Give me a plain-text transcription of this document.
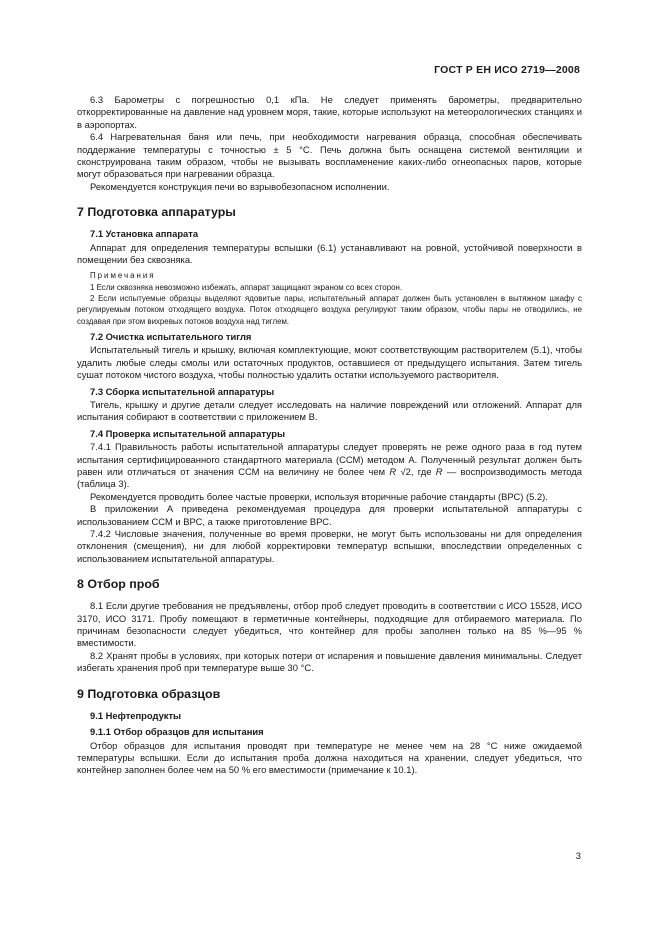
ГОСТ Р ЕН ИСО 2719—2008

6.3 Барометры с погрешностью 0,1 кПа. Не следует применять барометры, предварительно откорректированные на давление над уровнем моря, такие, которые используют на метеорологических станциях и в аэропортах.

6.4 Нагревательная баня или печь, при необходимости нагревания образца, способная обеспечивать поддержание температуры с точностью ± 5 °С. Печь должна быть оснащена системой вентиляции и сконструирована таким образом, чтобы не вызывать воспламенение каких-либо огнеопасных паров, которые могут образоваться при нагревании образца.

Рекомендуется конструкция печи во взрывобезопасном исполнении.

7 Подготовка аппаратуры
7.1 Установка аппарата

Аппарат для определения температуры вспышки (6.1) устанавливают на ровной, устойчивой поверхности в помещении без сквозняка.

Примечания

1 Если сквозняка невозможно избежать, аппарат защищают экраном со всех сторон.

2 Если испытуемые образцы выделяют ядовитые пары, испытательный аппарат должен быть установлен в вытяжном шкафу с регулируемым потоком отходящего воздуха. Поток отходящего воздуха регулируют таким образом, чтобы пары не отводились, не создавая при этом вихревых потоков воздуха над тиглем.

7.2 Очистка испытательного тигля

Испытательный тигель и крышку, включая комплектующие, моют соответствующим растворителем (5.1), чтобы удалить любые следы смолы или остаточных продуктов, оставшиеся от предыдущего испытания. Затем тигель сушат потоком чистого воздуха, чтобы полностью удалить остатки используемого растворителя.

7.3 Сборка испытательной аппаратуры

Тигель, крышку и другие детали следует исследовать на наличие повреждений или отложений. Аппарат для испытания собирают в соответствии с приложением В.

7.4 Проверка испытательной аппаратуры

7.4.1 Правильность работы испытательной аппаратуры следует проверять не реже одного раза в год путем испытания сертифицированного стандартного материала (ССМ) методом А. Полученный результат должен быть равен или отличаться от значения ССМ на величину не более чем R √2, где R — воспроизводимость метода (таблица 3).

Рекомендуется проводить более частые проверки, используя вторичные рабочие стандарты (ВРС) (5.2).

В приложении А приведена рекомендуемая процедура для проверки испытательной аппаратуры с использованием ССМ и ВРС, а также приготовление ВРС.

7.4.2 Числовые значения, полученные во время проверки, не могут быть использованы ни для определения отклонения (смещения), ни для любой корректировки температур вспышки, впоследствии определенных с использованием испытательной аппаратуры.

8 Отбор проб

8.1 Если другие требования не предъявлены, отбор проб следует проводить в соответствии с ИСО 15528, ИСО 3170, ИСО 3171. Пробу помещают в герметичные контейнеры, подходящие для отбираемого материала. По причинам безопасности следует убедиться, что контейнер для пробы заполнен только на 85 %—95 % вместимости.

8.2 Хранят пробы в условиях, при которых потери от испарения и повышение давления минимальны. Следует избегать хранения проб при температуре выше 30 °С.

9 Подготовка образцов
9.1 Нефтепродукты
9.1.1 Отбор образцов для испытания

Отбор образцов для испытания проводят при температуре не менее чем на 28 °С ниже ожидаемой температуры вспышки. Если до испытания проба должна находиться на хранении, следует убедиться, что контейнер заполнен более чем на 50 % его вместимости (примечание к 10.1).

3
